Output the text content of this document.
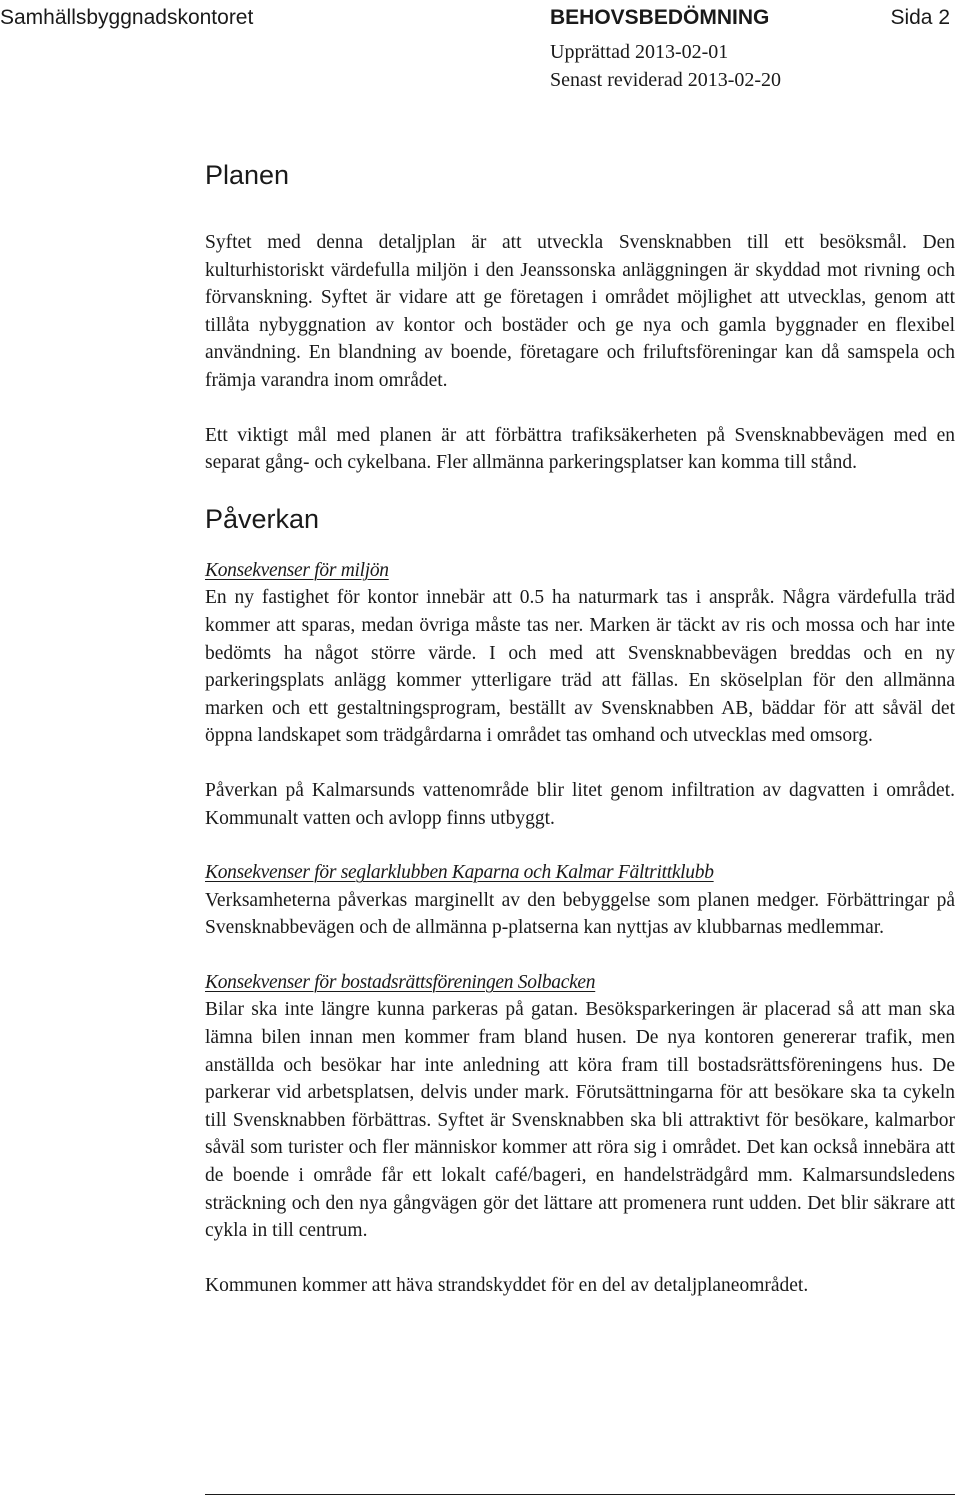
Samhällsbyggnadskontoret	BEHOVSBEDÖMNING	Sida 2
Upprättad 2013-02-01
Senast reviderad 2013-02-20
Planen

Syftet med denna detaljplan är att utveckla Svensknabben till ett besöksmål. Den kulturhistoriskt värdefulla miljön i den Jeanssonska anläggningen är skyddad mot rivning och förvanskning. Syftet är vidare att ge företagen i området möjlighet att utvecklas, genom att tillåta nybyggnation av kontor och bostäder och ge nya och gamla byggnader en flexibel användning. En blandning av boende, företagare och friluftsföreningar kan då samspela och främja varandra inom området.

Ett viktigt mål med planen är att förbättra trafiksäkerheten på Svensknabbevägen med en separat gång- och cykelbana. Fler allmänna parkeringsplatser kan komma till stånd.

Påverkan
Konsekvenser för miljön

En ny fastighet för kontor innebär att 0.5 ha naturmark tas i anspråk. Några värdefulla träd kommer att sparas, medan övriga måste tas ner. Marken är täckt av ris och mossa och har inte bedömts ha något större värde. I och med att Svensknabbevägen breddas och en ny parkeringsplats anlägg kommer ytterligare träd att fällas. En sköselplan för den allmänna marken och ett gestaltningsprogram, beställt av Svensknabben AB, bäddar för att såväl det öppna landskapet som trädgårdarna i området tas omhand och utvecklas med omsorg.

Påverkan på Kalmarsunds vattenområde blir litet genom infiltration av dagvatten i området. Kommunalt vatten och avlopp finns utbyggt.

Konsekvenser för seglarklubben Kaparna och Kalmar Fältrittklubb

Verksamheterna påverkas marginellt av den bebyggelse som planen medger. Förbättringar på Svensknabbevägen och de allmänna p-platserna kan nyttjas av klubbarnas medlemmar.

Konsekvenser för bostadsrättsföreningen Solbacken

Bilar ska inte längre kunna parkeras på gatan. Besöksparkeringen är placerad så att man ska lämna bilen innan men kommer fram bland husen. De nya kontoren genererar trafik, men anställda och besökar har inte anledning att köra fram till bostadsrättsföreningens hus. De parkerar vid arbetsplatsen, delvis under mark. Förutsättningarna för att besökare ska ta cykeln till Svensknabben förbättras. Syftet är Svensknabben ska bli attraktivt för besökare, kalmarbor såväl som turister och fler människor kommer att röra sig i området. Det kan också innebära att de boende i område får ett lokalt café/bageri, en handelsträdgård mm. Kalmarsundsledens sträckning och den nya gångvägen gör det lättare att promenera runt udden. Det blir säkrare att cykla in till centrum.

Kommunen kommer att häva strandskyddet för en del av detaljplaneområdet.
